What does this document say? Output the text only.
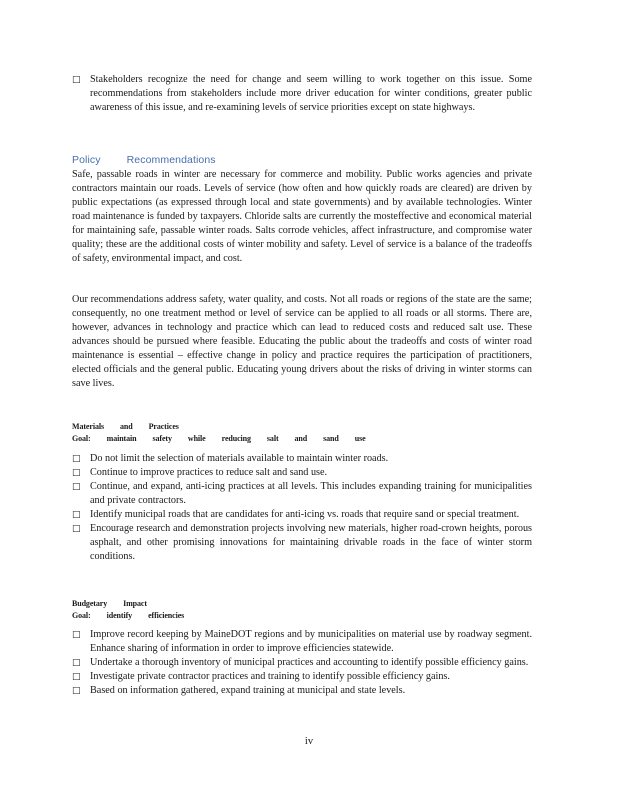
□ Stakeholders recognize the need for change and seem willing to work together on this issue. Some recommendations from stakeholders include more driver education for winter conditions, greater public awareness of this issue, and re-examining levels of service priorities except on state highways.
Policy Recommendations
Safe, passable roads in winter are necessary for commerce and mobility. Public works agencies and private contractors maintain our roads. Levels of service (how often and how quickly roads are cleared) are driven by public expectations (as expressed through local and state governments) and by available technologies. Winter road maintenance is funded by taxpayers. Chloride salts are currently the mosteffective and economical material for maintaining safe, passable winter roads. Salts corrode vehicles, affect infrastructure, and compromise water quality; these are the additional costs of winter mobility and safety. Level of service is a balance of the tradeoffs of safety, environmental impact, and cost.
Our recommendations address safety, water quality, and costs. Not all roads or regions of the state are the same; consequently, no one treatment method or level of service can be applied to all roads or all storms. There are, however, advances in technology and practice which can lead to reduced costs and reduced salt use. These advances should be pursued where feasible. Educating the public about the tradeoffs and costs of winter road maintenance is essential – effective change in policy and practice requires the participation of practitioners, elected officials and the general public. Educating young drivers about the risks of driving in winter storms can save lives.
Materials and Practices
Goal: maintain safety while reducing salt and sand use
□ Do not limit the selection of materials available to maintain winter roads.
□ Continue to improve practices to reduce salt and sand use.
□ Continue, and expand, anti-icing practices at all levels. This includes expanding training for municipalities and private contractors.
□ Identify municipal roads that are candidates for anti-icing vs. roads that require sand or special treatment.
□ Encourage research and demonstration projects involving new materials, higher road-crown heights, porous asphalt, and other promising innovations for maintaining drivable roads in the face of winter storm conditions.
Budgetary Impact
Goal: identify efficiencies
□ Improve record keeping by MaineDOT regions and by municipalities on material use by roadway segment. Enhance sharing of information in order to improve efficiencies statewide.
□ Undertake a thorough inventory of municipal practices and accounting to identify possible efficiency gains.
□ Investigate private contractor practices and training to identify possible efficiency gains.
□ Based on information gathered, expand training at municipal and state levels.
iv
